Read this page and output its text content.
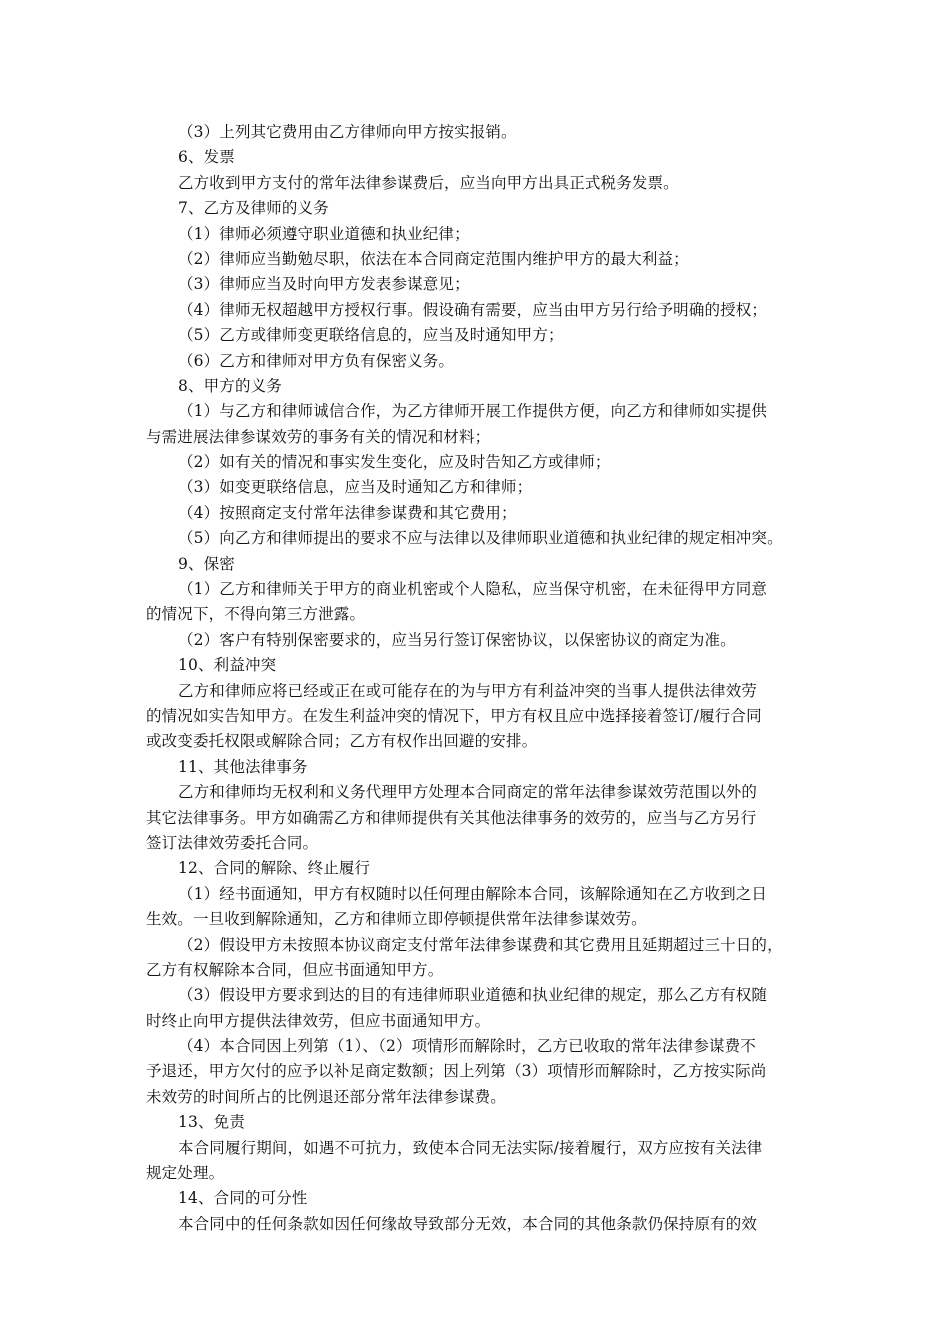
（3）上列其它费用由乙方律师向甲方按实报销。
6、发票
乙方收到甲方支付的常年法律参谋费后，应当向甲方出具正式税务发票。
7、乙方及律师的义务
（1）律师必须遵守职业道德和执业纪律；
（2）律师应当勤勉尽职，依法在本合同商定范围内维护甲方的最大利益；
（3）律师应当及时向甲方发表参谋意见；
（4）律师无权超越甲方授权行事。假设确有需要，应当由甲方另行给予明确的授权；
（5）乙方或律师变更联络信息的，应当及时通知甲方；
（6）乙方和律师对甲方负有保密义务。
8、甲方的义务
（1）与乙方和律师诚信合作，为乙方律师开展工作提供方便，向乙方和律师如实提供
与需进展法律参谋效劳的事务有关的情况和材料；
（2）如有关的情况和事实发生变化，应及时告知乙方或律师；
（3）如变更联络信息，应当及时通知乙方和律师；
（4）按照商定支付常年法律参谋费和其它费用；
（5）向乙方和律师提出的要求不应与法律以及律师职业道德和执业纪律的规定相冲突。
9、保密
（1）乙方和律师关于甲方的商业机密或个人隐私，应当保守机密，在未征得甲方同意
的情况下，不得向第三方泄露。
（2）客户有特别保密要求的，应当另行签订保密协议，以保密协议的商定为准。
10、利益冲突
乙方和律师应将已经或正在或可能存在的为与甲方有利益冲突的当事人提供法律效劳
的情况如实告知甲方。在发生利益冲突的情况下，甲方有权且应中选择接着签订/履行合同
或改变委托权限或解除合同；乙方有权作出回避的安排。
11、其他法律事务
乙方和律师均无权利和义务代理甲方处理本合同商定的常年法律参谋效劳范围以外的
其它法律事务。甲方如确需乙方和律师提供有关其他法律事务的效劳的，应当与乙方另行
签订法律效劳委托合同。
12、合同的解除、终止履行
（1）经书面通知，甲方有权随时以任何理由解除本合同，该解除通知在乙方收到之日
生效。一旦收到解除通知，乙方和律师立即停顿提供常年法律参谋效劳。
（2）假设甲方未按照本协议商定支付常年法律参谋费和其它费用且延期超过三十日的，
乙方有权解除本合同，但应书面通知甲方。
（3）假设甲方要求到达的目的有违律师职业道德和执业纪律的规定，那么乙方有权随
时终止向甲方提供法律效劳，但应书面通知甲方。
（4）本合同因上列第（1）、（2）项情形而解除时，乙方已收取的常年法律参谋费不
予退还，甲方欠付的应予以补足商定数额；因上列第（3）项情形而解除时，乙方按实际尚
未效劳的时间所占的比例退还部分常年法律参谋费。
13、免责
本合同履行期间，如遇不可抗力，致使本合同无法实际/接着履行，双方应按有关法律
规定处理。
14、合同的可分性
本合同中的任何条款如因任何缘故导致部分无效，本合同的其他条款仍保持原有的效
